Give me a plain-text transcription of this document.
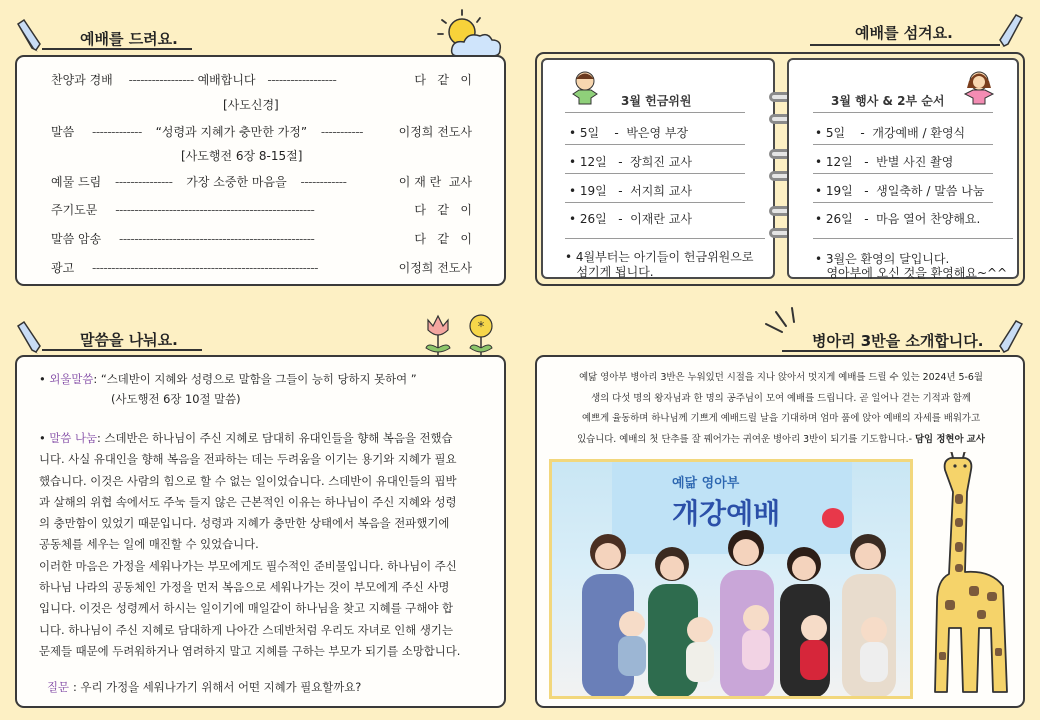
예배를 드려요.
찬양과 경배 ----------------- 예배합니다 ------------------	다   같   이
[사도신경]
말씀 ------------- “성령과 지혜가 충만한 가정” -----------	이정희 전도사
[사도행전 6장 8-15절]
예물 드림 --------------- 가장 소중한 마음을 ------------	이 재 란  교사
주기도문 ----------------------------------------------------	다   같   이
말씀 암송 ---------------------------------------------------	다   같   이
광고 -----------------------------------------------------------	이정희 전도사
예배를 섬겨요.
3월 헌금위원
• 5일    -  박은영 부장
• 12일   -  장희진 교사
• 19일   -  서지희 교사
• 26일   -  이재란 교사
• 4월부터는 아기들이 헌금위원으로
섬기게 됩니다.
3월 행사 & 2부 순서
• 5일    -  개강예배 / 환영식
• 12일   -  반별 사진 촬영
• 19일   -  생일축하 / 말씀 나눔
• 26일   -  마음 열어 찬양해요.
• 3월은 환영의 달입니다.
영아부에 오신 것을 환영해요~^^
말씀을 나눠요.
*
• 외울말씀: “스데반이 지혜와 성령으로 말함을 그들이 능히 당하지 못하여 ”
(사도행전 6장 10절 말씀)
• 말씀 나눔: 스데반은 하나님이 주신 지혜로 담대히 유대인들을 향해 복음을 전했습
니다. 사실 유대인을 향해 복음을 전파하는 데는 두려움을 이기는 용기와 지혜가 필요
했습니다. 이것은 사람의 힘으로 할 수 없는 일이었습니다. 스데반이 유대인들의 핍박
과 살해의 위협 속에서도 주눅 들지 않은 근본적인 이유는 하나님이 주신 지혜와 성령
의 충만함이 있었기 때문입니다. 성령과 지혜가 충만한 상태에서 복음을 전파했기에
공동체를 세우는 일에 매진할 수 있었습니다.
이러한 마음은 가정을 세워나가는 부모에게도 필수적인 준비물입니다. 하나님이 주신
하나님 나라의 공동체인 가정을 먼저 복음으로 세워나가는 것이 부모에게 주신 사명
입니다. 이것은 성령께서 하시는 일이기에 매일같이 하나님을 찾고 지혜를 구해야 합
니다. 하나님이 주신 지혜로 담대하게 나아간 스데반처럼 우리도 자녀로 인해 생기는
문제들 때문에 두려워하거나 염려하지 말고 지혜를 구하는 부모가 되기를 소망합니다.
질문 : 우리 가정을 세워나가기 위해서 어떤 지혜가 필요할까요?
병아리 3반을 소개합니다.
예닮 영아부 병아리 3반은 누워있던 시절을 지나 앉아서 멋지게 예배를 드릴 수 있는 2024년 5-6월
생의 다섯 명의 왕자님과 한 명의 공주님이 모여 예배를 드립니다. 곧 일어나 걷는 기적과 함께
예쁘게 율동하며 하나님께 기쁘게 예배드릴 날을 기대하며 엄마 품에 앉아 예배의 자세를 배워가고
있습니다. 예배의 첫 단추를 잘 꿰어가는 귀여운 병아리 3반이 되기를 기도합니다.- 담임 정현아 교사
예닮 영아부
개강예배
